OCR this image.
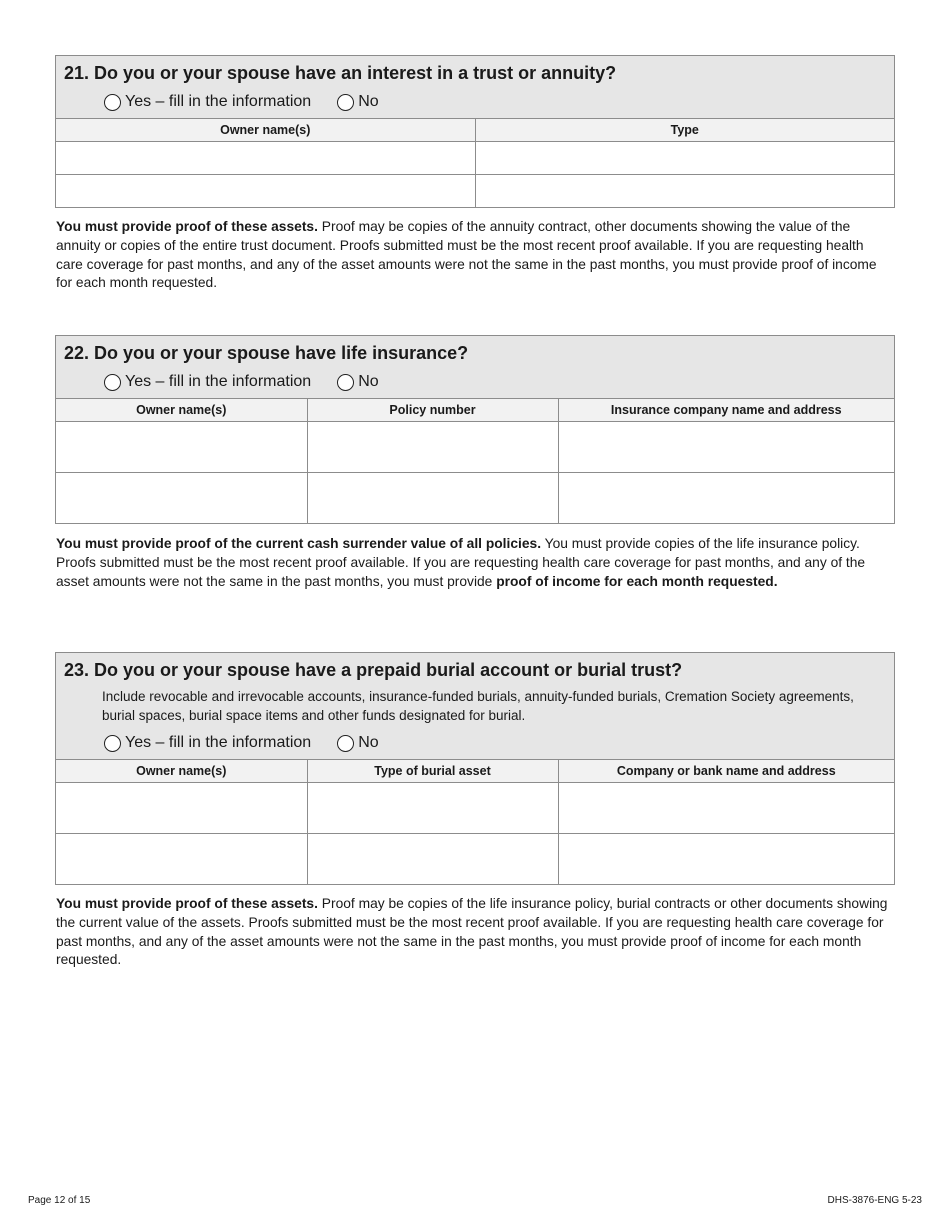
21. Do you or your spouse have an interest in a trust or annuity?

Yes – fill in the information	No
Owner name(s)	Type

You must provide proof of these assets. Proof may be copies of the annuity contract, other documents showing the value of the annuity or copies of the entire trust document. Proofs submitted must be the most recent proof available. If you are requesting health care coverage for past months, and any of the asset amounts were not the same in the past months, you must provide proof of income for each month requested.

22. Do you or your spouse have life insurance?

Yes – fill in the information	No
Owner name(s)	Policy number	Insurance company name and address

You must provide proof of the current cash surrender value of all policies. You must provide copies of the life insurance policy. Proofs submitted must be the most recent proof available. If you are requesting health care coverage for past months, and any of the asset amounts were not the same in the past months, you must provide proof of income for each month requested.

23. Do you or your spouse have a prepaid burial account or burial trust?

Include revocable and irrevocable accounts, insurance-funded burials, annuity-funded burials, Cremation Society agreements, burial spaces, burial space items and other funds designated for burial.

Yes – fill in the information	No
Owner name(s)	Type of burial asset	Company or bank name and address

You must provide proof of these assets. Proof may be copies of the life insurance policy, burial contracts or other documents showing the current value of the assets. Proofs submitted must be the most recent proof available. If you are requesting health care coverage for past months, and any of the asset amounts were not the same in the past months, you must provide proof of income for each month requested.

Page 12 of 15	DHS-3876-ENG 5-23
